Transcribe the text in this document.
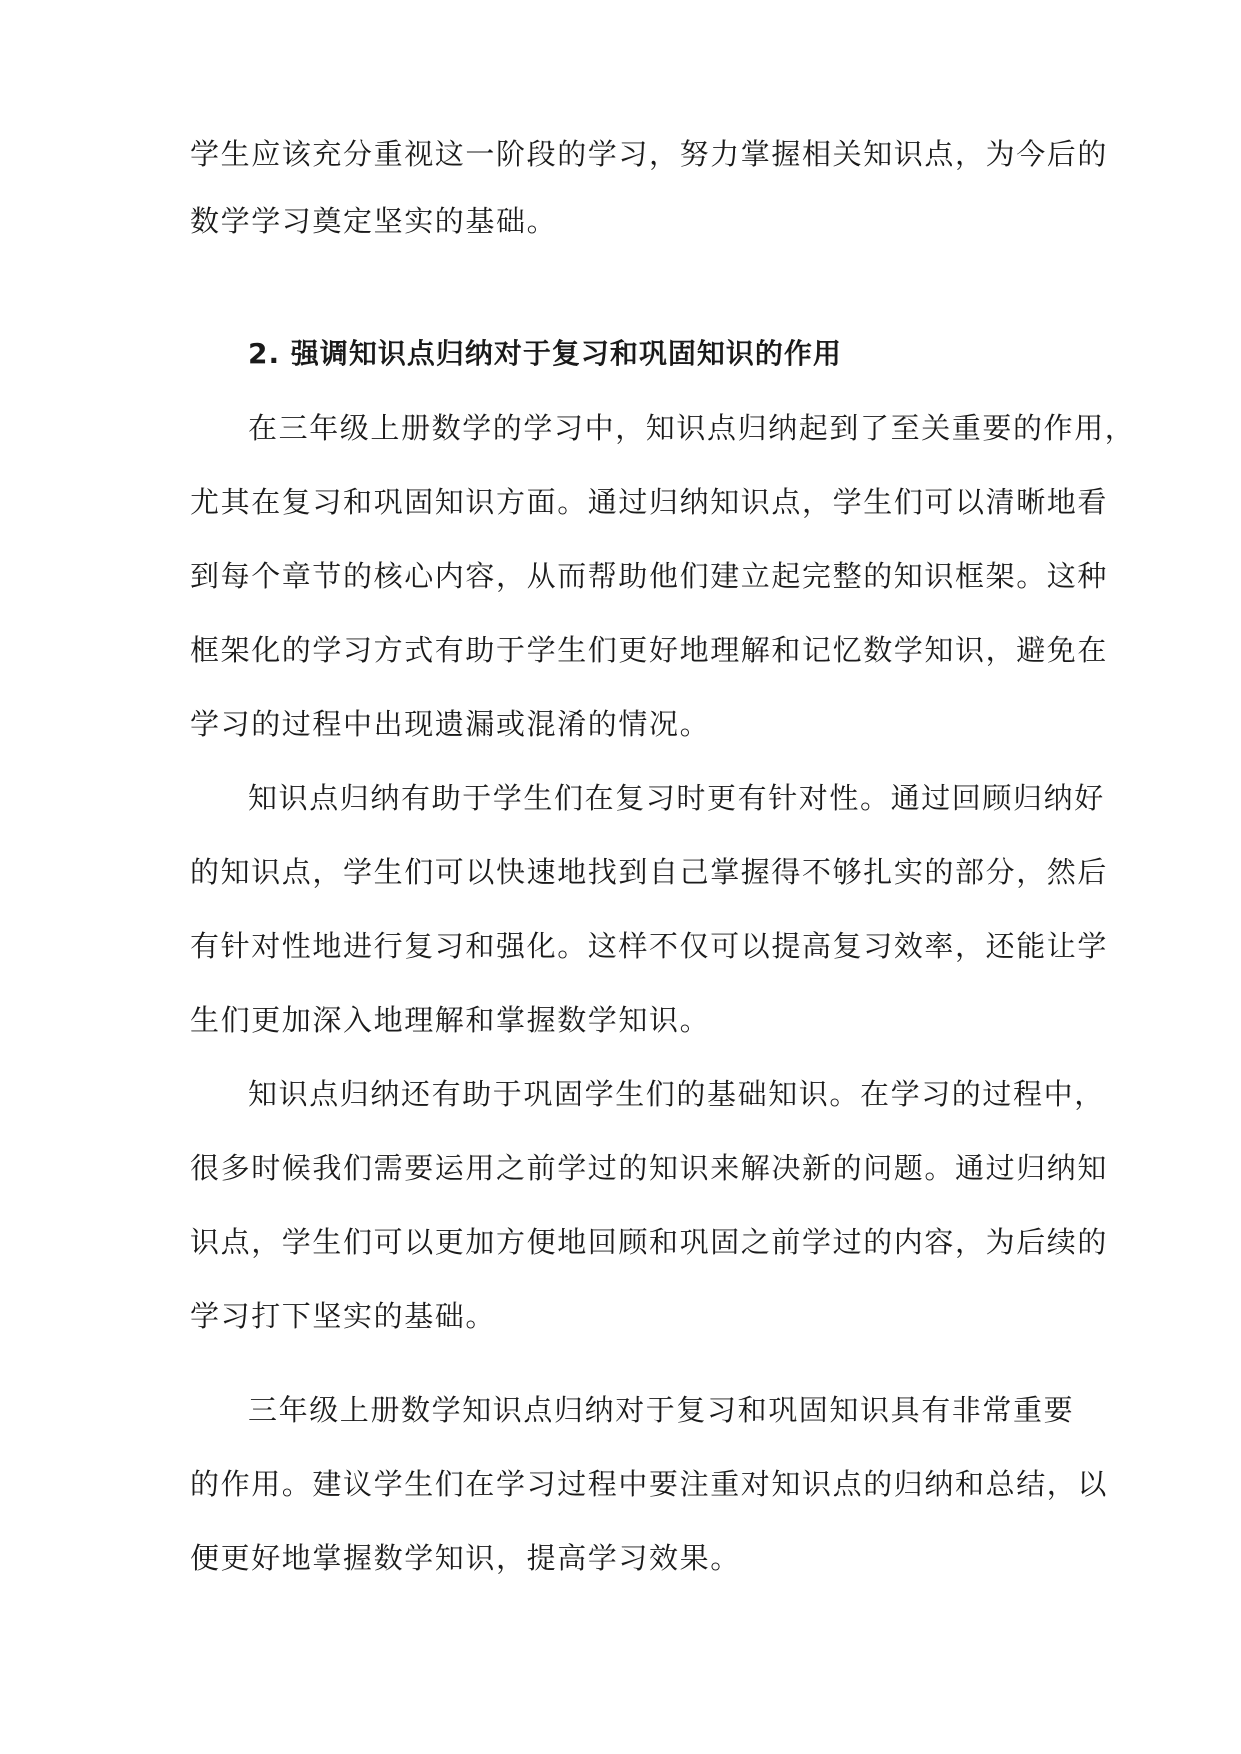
学生应该充分重视这一阶段的学习，努力掌握相关知识点，为今后的
数学学习奠定坚实的基础。
2. 强调知识点归纳对于复习和巩固知识的作用
在三年级上册数学的学习中，知识点归纳起到了至关重要的作用，
尤其在复习和巩固知识方面。通过归纳知识点，学生们可以清晰地看
到每个章节的核心内容，从而帮助他们建立起完整的知识框架。这种
框架化的学习方式有助于学生们更好地理解和记忆数学知识，避免在
学习的过程中出现遗漏或混淆的情况。
知识点归纳有助于学生们在复习时更有针对性。通过回顾归纳好
的知识点，学生们可以快速地找到自己掌握得不够扎实的部分，然后
有针对性地进行复习和强化。这样不仅可以提高复习效率，还能让学
生们更加深入地理解和掌握数学知识。
知识点归纳还有助于巩固学生们的基础知识。在学习的过程中，
很多时候我们需要运用之前学过的知识来解决新的问题。通过归纳知
识点，学生们可以更加方便地回顾和巩固之前学过的内容，为后续的
学习打下坚实的基础。
三年级上册数学知识点归纳对于复习和巩固知识具有非常重要
的作用。建议学生们在学习过程中要注重对知识点的归纳和总结，以
便更好地掌握数学知识，提高学习效果。
